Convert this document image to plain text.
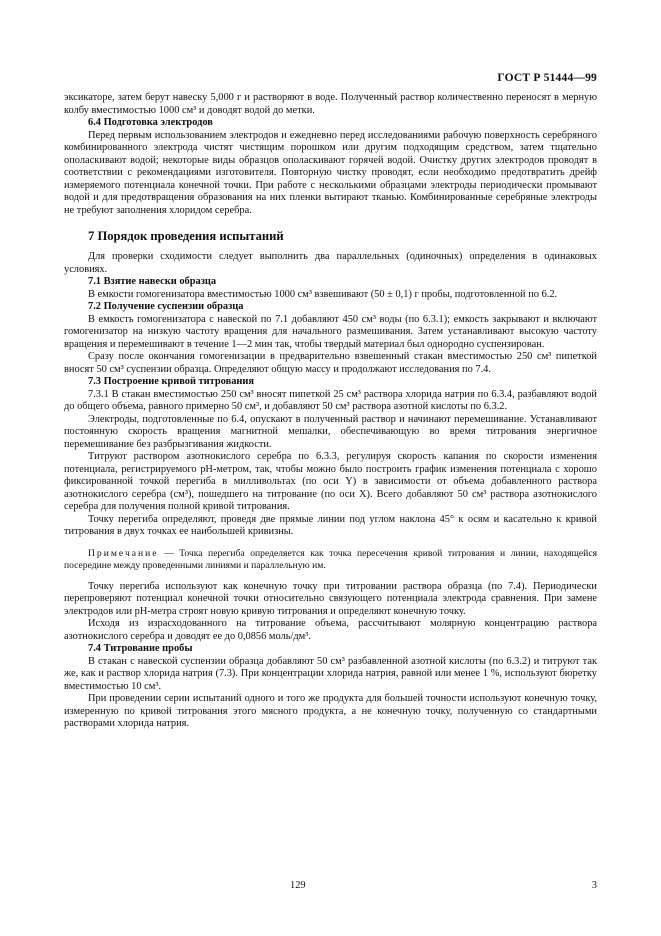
ГОСТ Р 51444—99

эксикаторе, затем берут навеску 5,000 г и растворяют в воде. Полученный раствор количественно переносят в мерную колбу вместимостью 1000 см³ и доводят водой до метки.

6.4 Подготовка электродов

Перед первым использованием электродов и ежедневно перед исследованиями рабочую поверхность серебряного комбинированного электрода чистят чистящим порошком или другим подходящим средством, затем тщательно ополаскивают водой; некоторые виды образцов ополаскивают горячей водой. Очистку других электродов проводят в соответствии с рекомендациями изготовителя. Повторную чистку проводят, если необходимо предотвратить дрейф измеряемого потенциала конечной точки. При работе с несколькими образцами электроды периодически промывают водой и для предотвращения образования на них пленки вытирают тканью. Комбинированные серебряные электроды не требуют заполнения хлоридом серебра.

7 Порядок проведения испытаний

Для проверки сходимости следует выполнить два параллельных (одиночных) определения в одинаковых условиях.

7.1 Взятие навески образца

В емкости гомогенизатора вместимостью 1000 см³ взвешивают (50 ± 0,1) г пробы, подготовленной по 6.2.

7.2 Получение суспензии образца

В емкость гомогенизатора с навеской по 7.1 добавляют 450 см³ воды (по 6.3.1); емкость закрывают и включают гомогенизатор на низкую частоту вращения для начального размешивания. Затем устанавливают высокую частоту вращения и перемешивают в течение 1—2 мин так, чтобы твердый материал был однородно суспензирован.

Сразу после окончания гомогенизации в предварительно взвешенный стакан вместимостью 250 см³ пипеткой вносят 50 см³ суспензии образца. Определяют общую массу и продолжают исследования по 7.4.

7.3 Построение кривой титрования

7.3.1 В стакан вместимостью 250 см³ вносят пипеткой 25 см³ раствора хлорида натрия по 6.3.4, разбавляют водой до общего объема, равного примерно 50 см³, и добавляют 50 см³ раствора азотной кислоты по 6.3.2.

Электроды, подготовленные по 6.4, опускают в полученный раствор и начинают перемешивание. Устанавливают постоянную скорость вращения магнитной мешалки, обеспечивающую во время титрования энергичное перемешивание без разбрызгивания жидкости.

Титруют раствором азотнокислого серебра по 6.3.3, регулируя скорость капания по скорости изменения потенциала, регистрируемого рН-метром, так, чтобы можно было построить график изменения потенциала с хорошо фиксированной точкой перегиба в милливольтах (по оси Y) в зависимости от объема добавленного раствора азотнокислого серебра (см³), пошедшего на титрование (по оси X). Всего добавляют 50 см³ раствора азотнокислого серебра для получения полной кривой титрования.

Точку перегиба определяют, проведя две прямые линии под углом наклона 45° к осям и касательно к кривой титрования в двух точках ее наибольшей кривизны.

Примечание — Точка перегиба определяется как точка пересечения кривой титрования и линии, находящейся посередине между проведенными линиями и параллельную им.

Точку перегиба используют как конечную точку при титровании раствора образца (по 7.4). Периодически перепроверяют потенциал конечной точки относительно связующего потенциала электрода сравнения. При замене электродов или рН-метра строят новую кривую титрования и определяют конечную точку.

Исходя из израсходованного на титрование объема, рассчитывают молярную концентрацию раствора азотнокислого серебра и доводят ее до 0,0856 моль/дм³.

7.4 Титрование пробы

В стакан с навеской суспензии образца добавляют 50 см³ разбавленной азотной кислоты (по 6.3.2) и титруют так же, как и раствор хлорида натрия (7.3). При концентрации хлорида натрия, равной или менее 1 %, используют бюретку вместимостью 10 см³.

При проведении серии испытаний одного и того же продукта для большей точности используют конечную точку, измеренную по кривой титрования этого мясного продукта, а не конечную точку, полученную со стандартными растворами хлорида натрия.

129	3
